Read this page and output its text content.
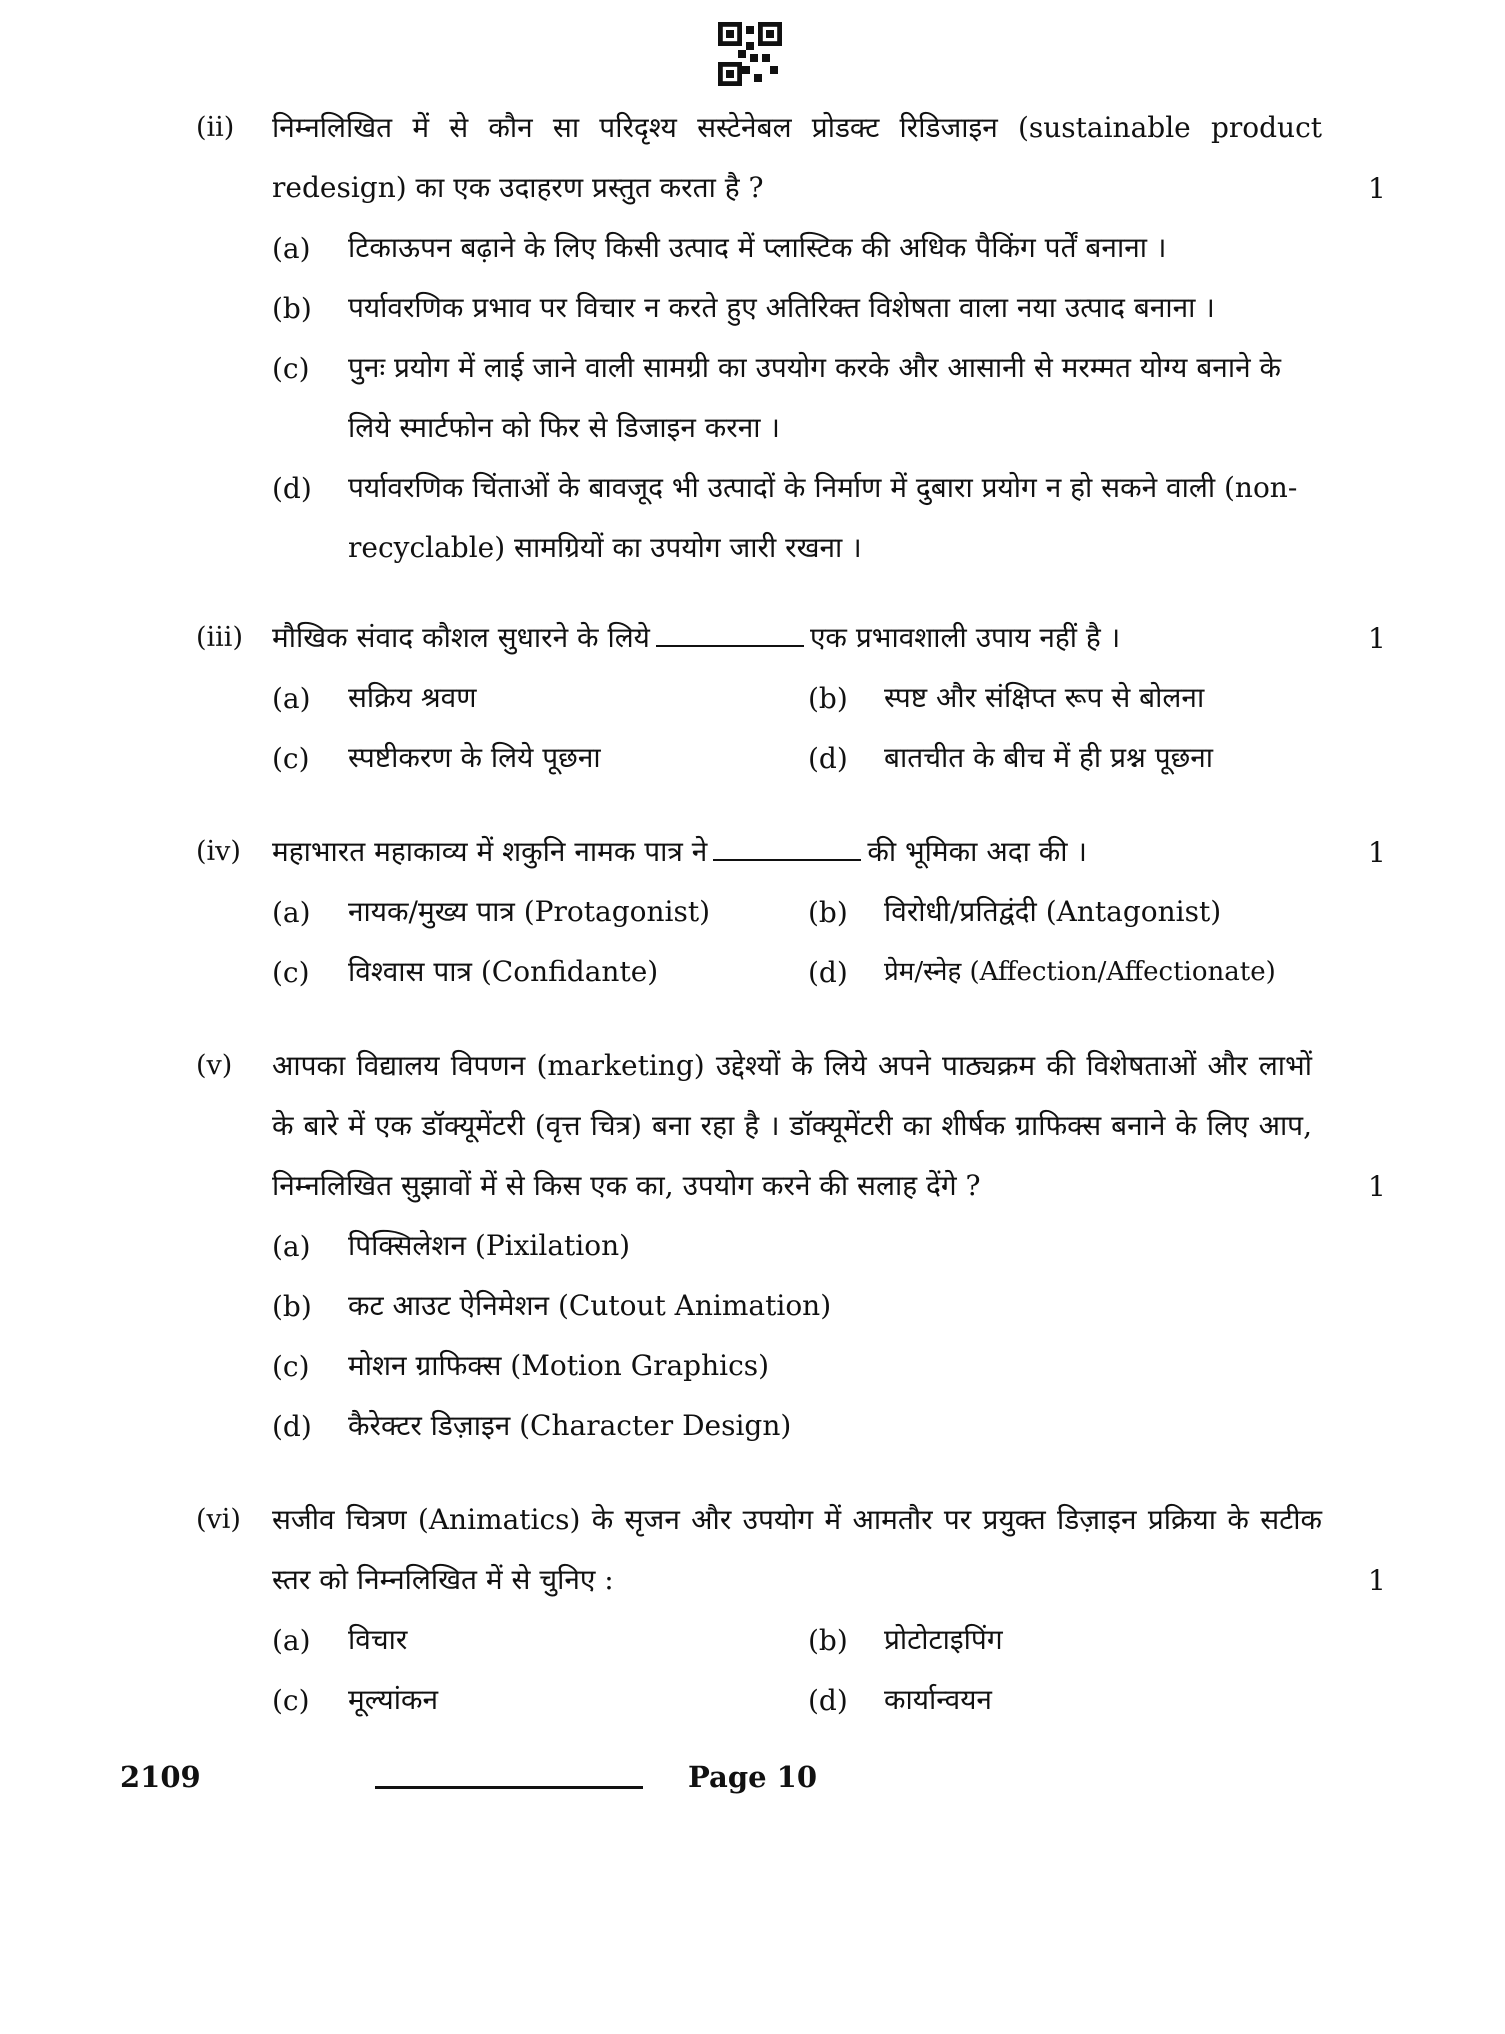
(ii) निम्नलिखित में से कौन सा परिदृश्य सस्टेनेबल प्रोडक्ट रिडिजाइन (sustainable product redesign) का एक उदाहरण प्रस्तुत करता है ?	1
(a) टिकाऊपन बढ़ाने के लिए किसी उत्पाद में प्लास्टिक की अधिक पैकिंग पर्तें बनाना ।
(b) पर्यावरणिक प्रभाव पर विचार न करते हुए अतिरिक्त विशेषता वाला नया उत्पाद बनाना ।
(c) पुनः प्रयोग में लाई जाने वाली सामग्री का उपयोग करके और आसानी से मरम्मत योग्य बनाने के लिये स्मार्टफोन को फिर से डिजाइन करना ।
(d) पर्यावरणिक चिंताओं के बावजूद भी उत्पादों के निर्माण में दुबारा प्रयोग न हो सकने वाली (non-recyclable) सामग्रियों का उपयोग जारी रखना ।
(iii) मौखिक संवाद कौशल सुधारने के लिये	एक प्रभावशाली उपाय नहीं है ।	1
(a) सक्रिय श्रवण	(b) स्पष्ट और संक्षिप्त रूप से बोलना
(c) स्पष्टीकरण के लिये पूछना	(d) बातचीत के बीच में ही प्रश्न पूछना
(iv) महाभारत महाकाव्य में शकुनि नामक पात्र ने	की भूमिका अदा की ।	1
(a) नायक/मुख्य पात्र (Protagonist)	(b) विरोधी/प्रतिद्वंदी (Antagonist)
(c) विश्वास पात्र (Confidante)	(d) प्रेम/स्नेह (Affection/Affectionate)
(v) आपका विद्यालय विपणन (marketing) उद्देश्यों के लिये अपने पाठ्यक्रम की विशेषताओं और लाभों के बारे में एक डॉक्यूमेंटरी (वृत्त चित्र) बना रहा है । डॉक्यूमेंटरी का शीर्षक ग्राफिक्स बनाने के लिए आप, निम्नलिखित सुझावों में से किस एक का, उपयोग करने की सलाह देंगे ?	1
(a) पिक्सिलेशन (Pixilation)
(b) कट आउट ऐनिमेशन (Cutout Animation)
(c) मोशन ग्राफिक्स (Motion Graphics)
(d) कैरेक्टर डिज़ाइन (Character Design)
(vi) सजीव चित्रण (Animatics) के सृजन और उपयोग में आमतौर पर प्रयुक्त डिज़ाइन प्रक्रिया के सटीक स्तर को निम्नलिखित में से चुनिए :	1
(a) विचार	(b) प्रोटोटाइपिंग
(c) मूल्यांकन	(d) कार्यान्वयन
2109	Page 10
